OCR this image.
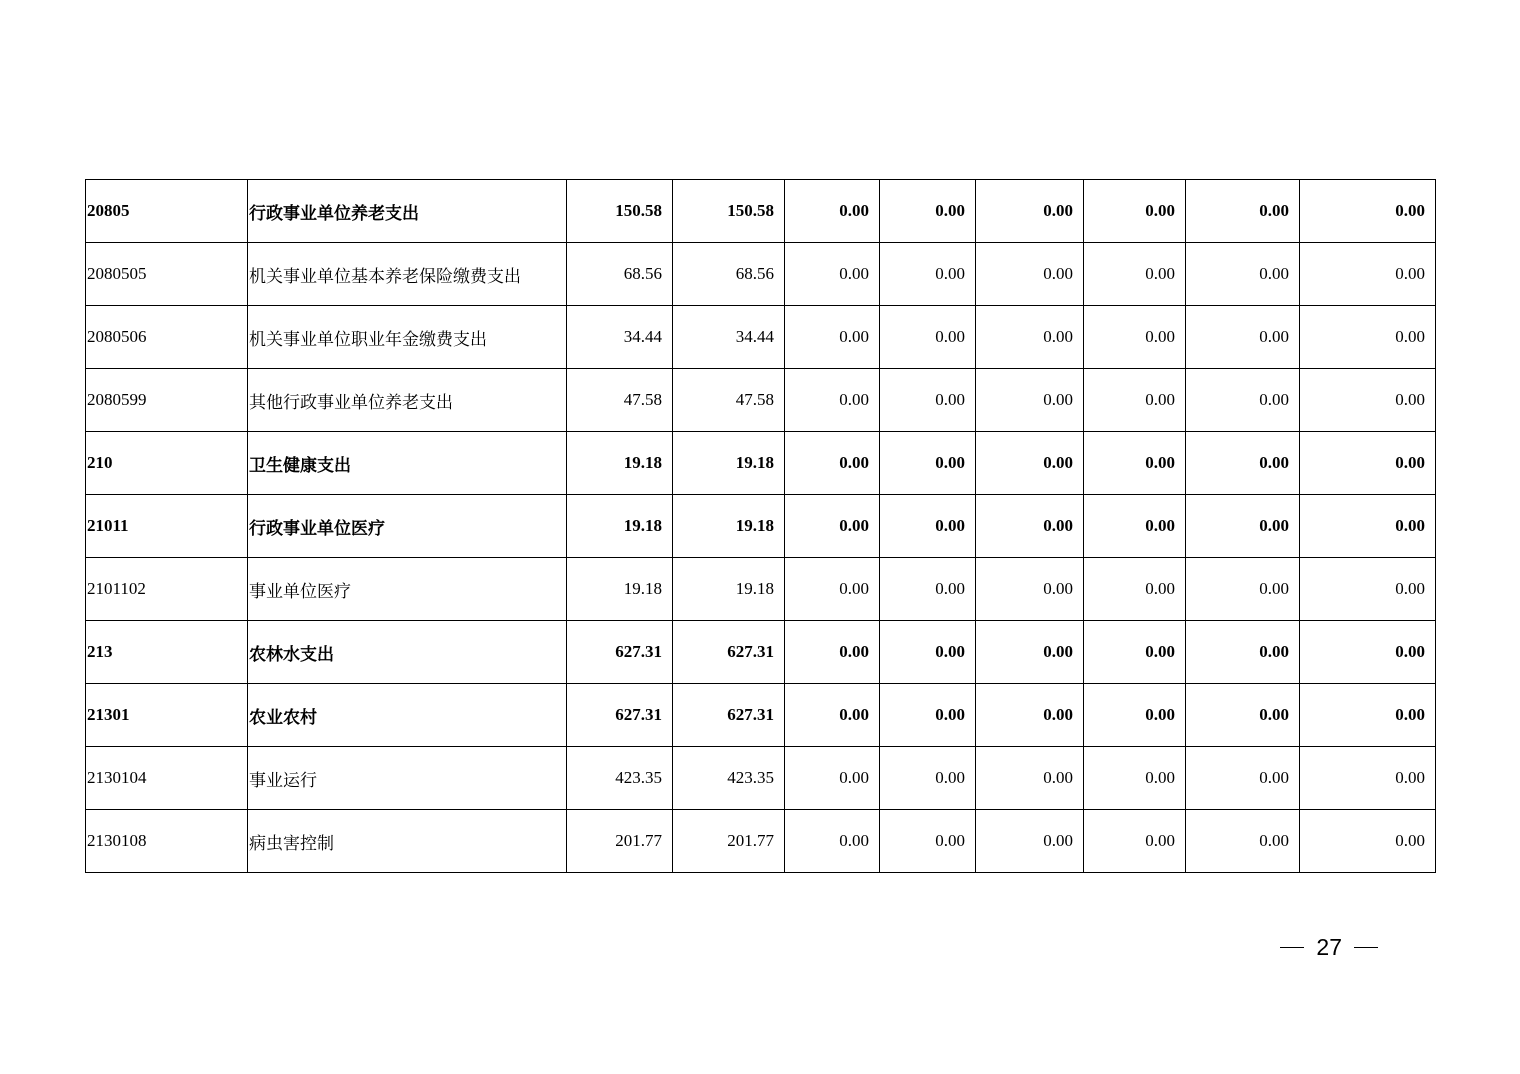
20805	行政事业单位养老支出	150.58	150.58	0.00	0.00	0.00	0.00	0.00	0.00
2080505	机关事业单位基本养老保险缴费支出	68.56	68.56	0.00	0.00	0.00	0.00	0.00	0.00
2080506	机关事业单位职业年金缴费支出	34.44	34.44	0.00	0.00	0.00	0.00	0.00	0.00
2080599	其他行政事业单位养老支出	47.58	47.58	0.00	0.00	0.00	0.00	0.00	0.00
210	卫生健康支出	19.18	19.18	0.00	0.00	0.00	0.00	0.00	0.00
21011	行政事业单位医疗	19.18	19.18	0.00	0.00	0.00	0.00	0.00	0.00
2101102	事业单位医疗	19.18	19.18	0.00	0.00	0.00	0.00	0.00	0.00
213	农林水支出	627.31	627.31	0.00	0.00	0.00	0.00	0.00	0.00
21301	农业农村	627.31	627.31	0.00	0.00	0.00	0.00	0.00	0.00
2130104	事业运行	423.35	423.35	0.00	0.00	0.00	0.00	0.00	0.00
2130108	病虫害控制	201.77	201.77	0.00	0.00	0.00	0.00	0.00	0.00
27
